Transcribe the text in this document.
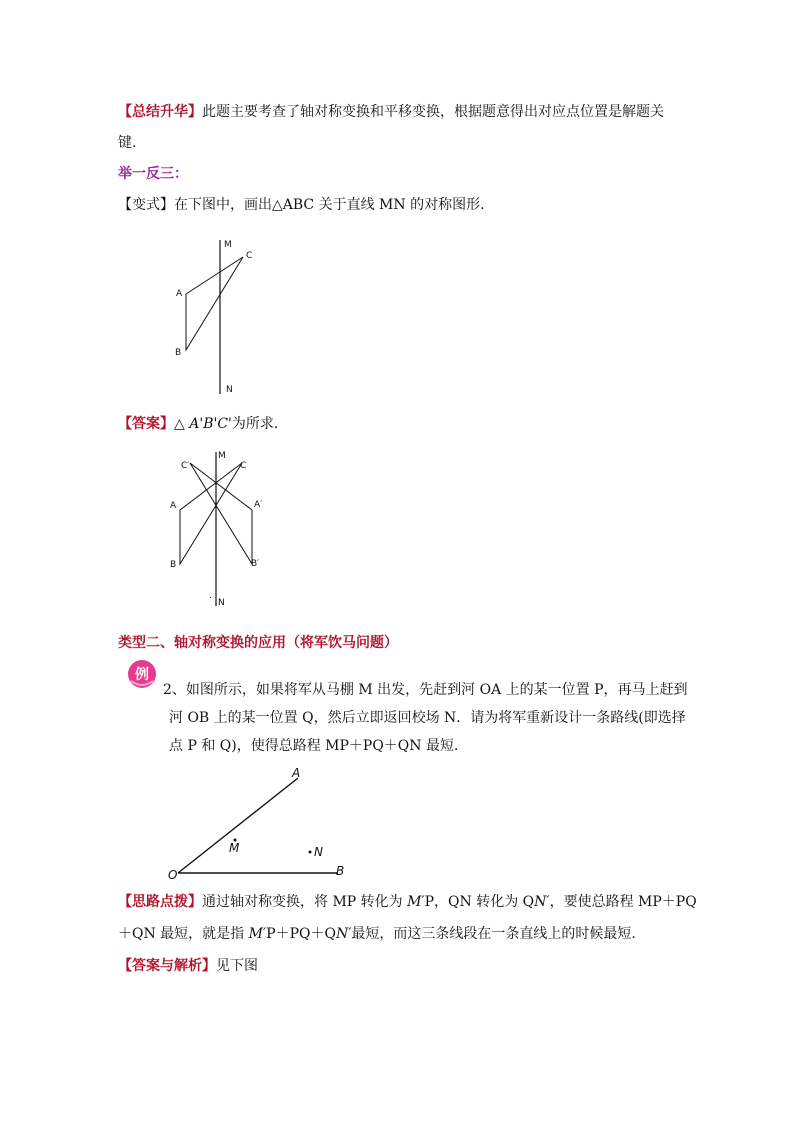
【总结升华】此题主要考查了轴对称变换和平移变换，根据题意得出对应点位置是解题关
键.
举一反三：
【变式】在下图中，画出△ABC 关于直线 MN 的对称图形.
M
C
A
B
N
【答案】△ A'B'C'为所求.
C′
M
C
A	A′
B	B′
.
N
类型二、轴对称变换的应用（将军饮马问题）
例
2、如图所示，如果将军从马棚 M 出发，先赶到河 OA 上的某一位置 P，再马上赶到
河 OB 上的某一位置 Q，然后立即返回校场 N．请为将军重新设计一条路线(即选择
点 P 和 Q)，使得总路程 MP＋PQ＋QN 最短．
A
O	B
M	N
【思路点拨】通过轴对称变换，将 MP 转化为 M′P，QN 转化为 QN′，要使总路程 MP＋PQ
＋QN 最短，就是指 M′P＋PQ＋QN′最短，而这三条线段在一条直线上的时候最短.
【答案与解析】见下图
